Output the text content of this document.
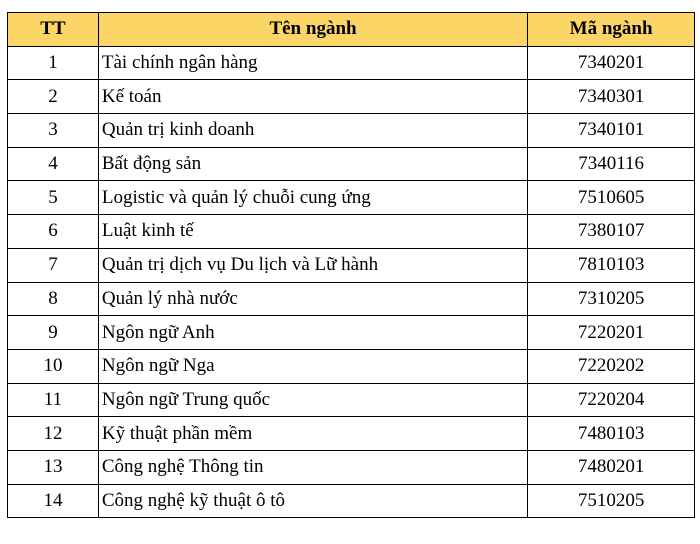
TT	Tên ngành	Mã ngành
1	Tài chính ngân hàng	7340201
2	Kế toán	7340301
3	Quản trị kinh doanh	7340101
4	Bất động sản	7340116
5	Logistic và quản lý chuỗi cung ứng	7510605
6	Luật kinh tế	7380107
7	Quản trị dịch vụ Du lịch và Lữ hành	7810103
8	Quản lý nhà nước	7310205
9	Ngôn ngữ Anh	7220201
10	Ngôn ngữ Nga	7220202
11	Ngôn ngữ Trung quốc	7220204
12	Kỹ thuật phần mềm	7480103
13	Công nghệ Thông tin	7480201
14	Công nghệ kỹ thuật ô tô	7510205
